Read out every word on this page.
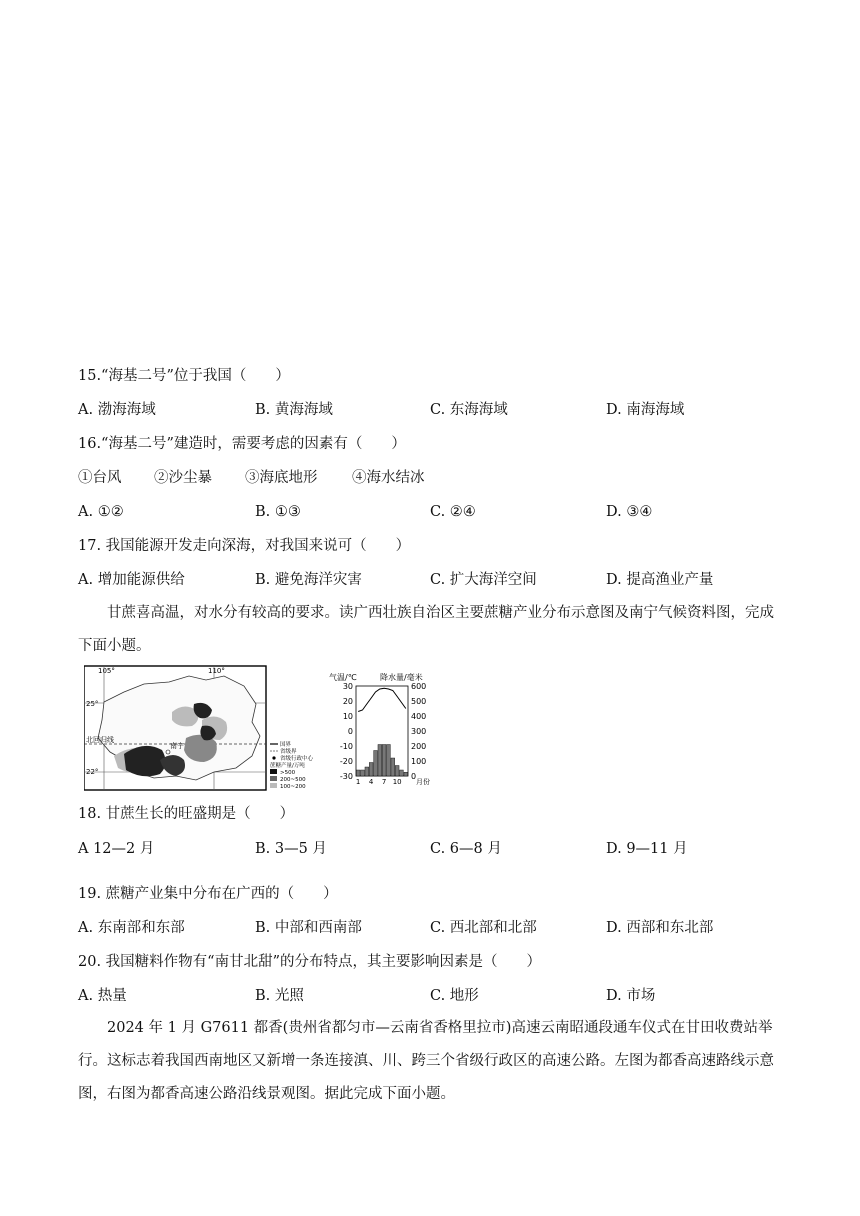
15.“海基二号”位于我国（　　）
A. 渤海海域	B. 黄海海域	C. 东海海域	D. 南海海域
16.“海基二号”建造时，需要考虑的因素有（　　）
①台风 ②沙尘暴 ③海底地形 ④海水结冰
A. ①②	B. ①③	C. ②④	D. ③④
17. 我国能源开发走向深海，对我国来说可（　　）
A. 增加能源供给	B. 避免海洋灾害	C. 扩大海洋空间	D. 提高渔业产量
甘蔗喜高温，对水分有较高的要求。读广西壮族自治区主要蔗糖产业分布示意图及南宁气候资料图，完成下面小题。
105°	110°
25°
22°
北回归线
南宁	国界
省级界
省级行政中心
蔗糖产量/万吨
>500
200~500
100~200
气温/℃	降水量/毫米
月份
30
20
10
0
-10
-20
-30
600
500
400
300
200
100
0
1 4 7 10
18. 甘蔗生长的旺盛期是（　　）
A 12—2 月	B. 3—5 月	C. 6—8 月	D. 9—11 月
19. 蔗糖产业集中分布在广西的（　　）
A. 东南部和东部	B. 中部和西南部	C. 西北部和北部	D. 西部和东北部
20. 我国糖料作物有“南甘北甜”的分布特点，其主要影响因素是（　　）
A. 热量	B. 光照	C. 地形	D. 市场
2024 年 1 月 G7611 都香(贵州省都匀市—云南省香格里拉市)高速云南昭通段通车仪式在甘田收费站举行。这标志着我国西南地区又新增一条连接滇、川、跨三个省级行政区的高速公路。左图为都香高速路线示意图，右图为都香高速公路沿线景观图。据此完成下面小题。
